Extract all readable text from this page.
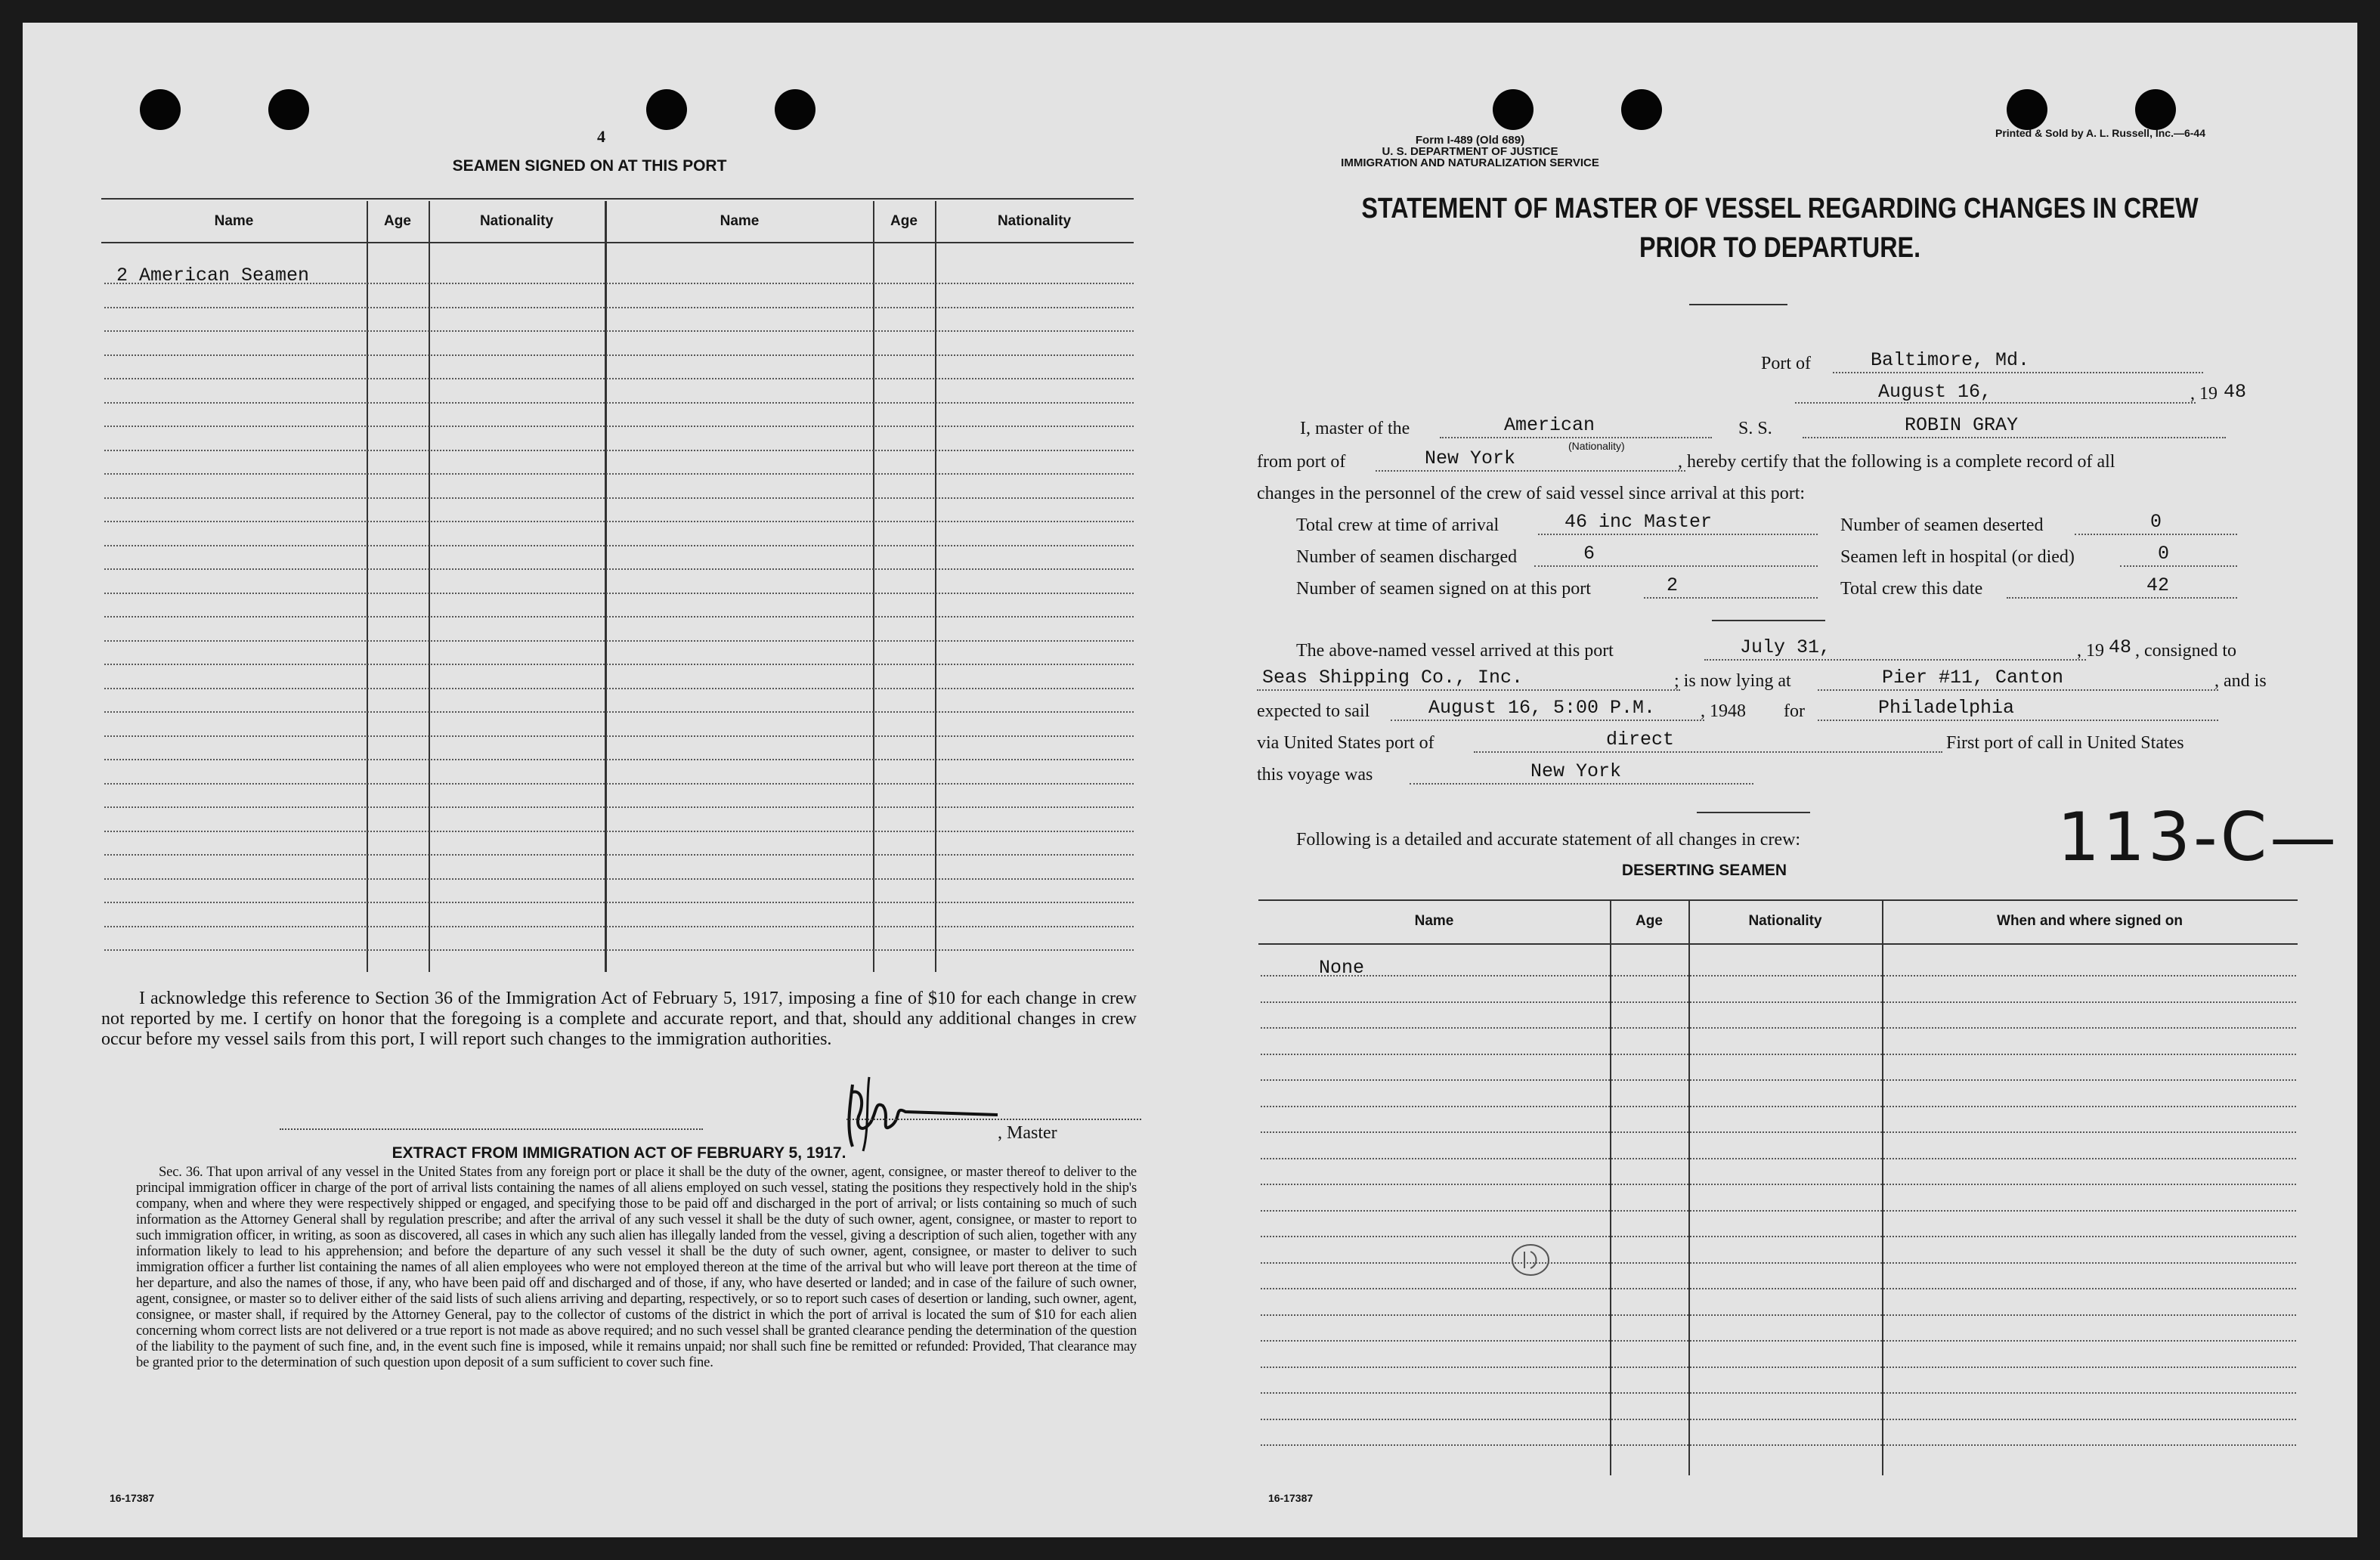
4
SEAMEN SIGNED ON AT THIS PORT
Name	Age	Nationality	Name	Age	Nationality
2 American Seamen
I acknowledge this reference to Section 36 of the Immigration Act of February 5, 1917, imposing a fine of $10 for each change in crew not reported by me. I certify on honor that the foregoing is a complete and accurate report, and that, should any additional changes in crew occur before my vessel sails from this port, I will report such changes to the immigration authorities.
, Master
EXTRACT FROM IMMIGRATION ACT OF FEBRUARY 5, 1917.
Sec. 36. That upon arrival of any vessel in the United States from any foreign port or place it shall be the duty of the owner, agent, consignee, or master thereof to deliver to the principal immigration officer in charge of the port of arrival lists containing the names of all aliens employed on such vessel, stating the positions they respectively hold in the ship's company, when and where they were respectively shipped or engaged, and specifying those to be paid off and discharged in the port of arrival; or lists containing so much of such information as the Attorney General shall by regulation prescribe; and after the arrival of any such vessel it shall be the duty of such owner, agent, consignee, or master to report to such immigration officer, in writing, as soon as discovered, all cases in which any such alien has illegally landed from the vessel, giving a description of such alien, together with any information likely to lead to his apprehension; and before the departure of any such vessel it shall be the duty of such owner, agent, consignee, or master to deliver to such immigration officer a further list containing the names of all alien employees who were not employed thereon at the time of the arrival but who will leave port thereon at the time of her departure, and also the names of those, if any, who have been paid off and discharged and of those, if any, who have deserted or landed; and in case of the failure of such owner, agent, consignee, or master so to deliver either of the said lists of such aliens arriving and departing, respectively, or so to report such cases of desertion or landing, such owner, agent, consignee, or master shall, if required by the Attorney General, pay to the collector of customs of the district in which the port of arrival is located the sum of $10 for each alien concerning whom correct lists are not delivered or a true report is not made as above required; and no such vessel shall be granted clearance pending the determination of the question of the liability to the payment of such fine, and, in the event such fine is imposed, while it remains unpaid; nor shall such fine be remitted or refunded: Provided, That clearance may be granted prior to the determination of such question upon deposit of a sum sufficient to cover such fine.
16-17387
Form I-489 (Old 689)
U. S. DEPARTMENT OF JUSTICE
IMMIGRATION AND NATURALIZATION SERVICE
Printed & Sold by A. L. Russell, Inc.—6-44
STATEMENT OF MASTER OF VESSEL REGARDING CHANGES IN CREW
PRIOR TO DEPARTURE.
Port of	Baltimore, Md.
August 16,	, 19 48
I, master of the	American
(Nationality)
S. S.	ROBIN GRAY
from port of	New York	, hereby certify that the following is a complete record of all
changes in the personnel of the crew of said vessel since arrival at this port:
Total crew at time of arrival	46 inc Master	Number of seamen deserted	0
Number of seamen discharged	6	Seamen left in hospital (or died)	0
Number of seamen signed on at this port	2	Total crew this date	42
The above-named vessel arrived at this port	July 31,	, 19 48 , consigned to
Seas Shipping Co., Inc.	; is now lying at	Pier #11, Canton	, and is
expected to sail	August 16, 5:00 P.M. , 1948 for	Philadelphia
via United States port of	direct	First port of call in United States
this voyage was	New York
113-C—
Following is a detailed and accurate statement of all changes in crew:
DESERTING SEAMEN
Name	Age	Nationality	When and where signed on
None
16-17387
